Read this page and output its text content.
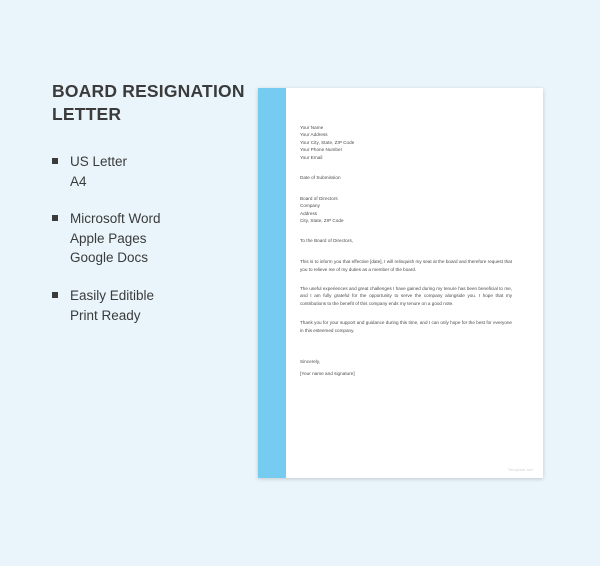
BOARD RESIGNATION LETTER
US Letter
A4
Microsoft Word
Apple Pages
Google Docs
Easily Editible
Print Ready
Your Name
Your Address
Your City, State, ZIP Code
Your Phone Number
Your Email
Date of Submission
Board of Directors
Company
Address
City, State, ZIP Code
To the Board of Directors,
This is to inform you that effective [date], I will relinquish my seat at the board and therefore request that you to relieve me of my duties as a member of the board.
The useful experiences and great challenges I have gained during my tenure has been beneficial to me, and I am fully grateful for the opportunity to serve the company alongside you. I hope that my contributions to the benefit of this company ends my tenure on a good note.
Thank you for your support and guidance during this time, and I can only hope for the best for everyone in this esteemed company.
Sincerely,
[Your name and signature]
Template.net
